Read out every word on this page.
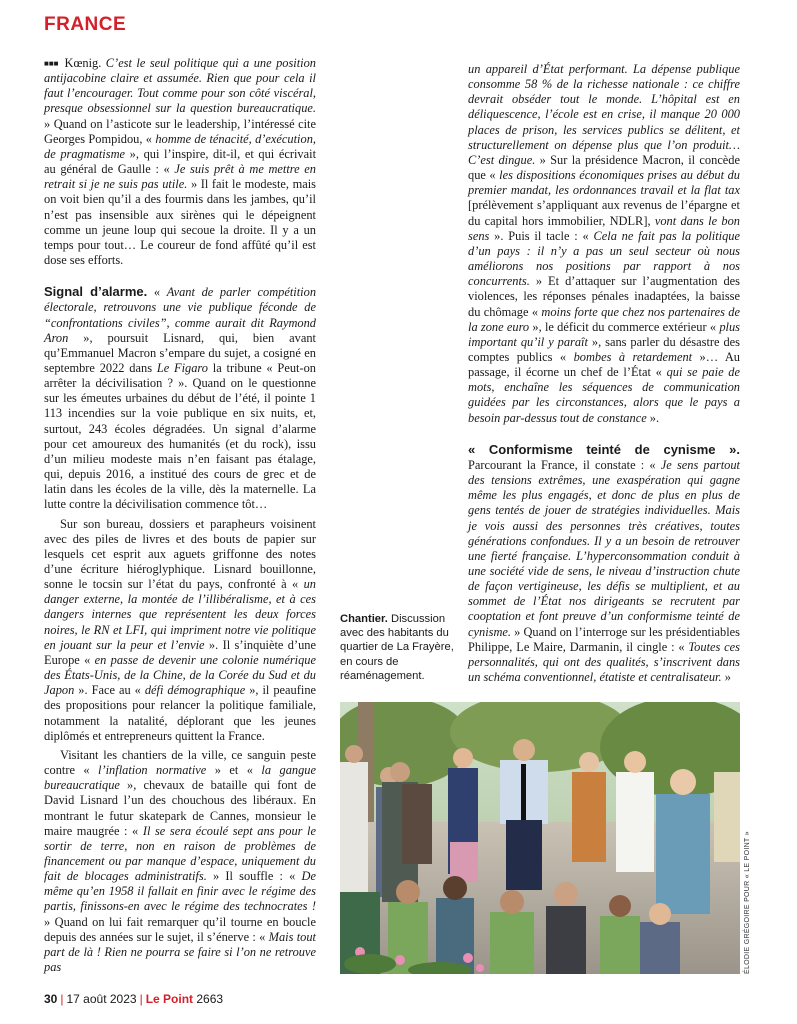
FRANCE

■■■ Kœnig. C’est le seul politique qui a une position antijacobine claire et assumée. Rien que pour cela il faut l’encourager. Tout comme pour son côté viscéral, presque obsessionnel sur la question bureaucratique. » Quand on l’asticote sur le leadership, l’intéressé cite Georges Pompidou, « homme de ténacité, d’exécution, de pragmatisme », qui l’inspire, dit-il, et qui écrivait au général de Gaulle : « Je suis prêt à me mettre en retrait si je ne suis pas utile. » Il fait le modeste, mais on voit bien qu’il a des fourmis dans les jambes, qu’il n’est pas insensible aux sirènes qui le dépeignent comme un jeune loup qui secoue la droite. Il y a un temps pour tout… Le coureur de fond affûté qu’il est dose ses efforts.

Signal d’alarme. « Avant de parler compétition électorale, retrouvons une vie publique féconde de “confrontations civiles”, comme aurait dit Raymond Aron », poursuit Lisnard, qui, bien avant qu’Emmanuel Macron s’empare du sujet, a cosigné en septembre 2022 dans Le Figaro la tribune « Peut-on arrêter la décivilisation ? ». Quand on le questionne sur les émeutes urbaines du début de l’été, il pointe 1 113 incendies sur la voie publique en six nuits, et, surtout, 243 écoles dégradées. Un signal d’alarme pour cet amoureux des humanités (et du rock), issu d’un milieu modeste mais n’en faisant pas étalage, qui, depuis 2016, a institué des cours de grec et de latin dans les écoles de la ville, dès la maternelle. La lutte contre la décivilisation commence tôt…

Sur son bureau, dossiers et parapheurs voisinent avec des piles de livres et des bouts de papier sur lesquels cet esprit aux aguets griffonne des notes d’une écriture hiéroglyphique. Lisnard bouillonne, sonne le tocsin sur l’état du pays, confronté à « un danger externe, la montée de l’illibéralisme, et à ces dangers internes que représentent les deux forces noires, le RN et LFI, qui impriment notre vie politique en jouant sur la peur et l’envie ». Il s’inquiète d’une Europe « en passe de devenir une colonie numérique des États-Unis, de la Chine, de la Corée du Sud et du Japon ». Face au « défi démographique », il peaufine des propositions pour relancer la politique familiale, notamment la natalité, déplorant que les jeunes diplômés et entrepreneurs quittent la France.

Visitant les chantiers de la ville, ce sanguin peste contre « l’inflation normative » et « la gangue bureaucratique », chevaux de bataille qui font de David Lisnard l’un des chouchous des libéraux. En montrant le futur skatepark de Cannes, monsieur le maire maugrée : « Il se sera écoulé sept ans pour le sortir de terre, non en raison de problèmes de financement ou par manque d’espace, uniquement du fait de blocages administratifs. » Il souffle : « De même qu’en 1958 il fallait en finir avec le régime des partis, finissons-en avec le régime des technocrates ! » Quand on lui fait remarquer qu’il tourne en boucle depuis des années sur le sujet, il s’énerve : « Mais tout part de là ! Rien ne pourra se faire si l’on ne retrouve pas

un appareil d’État performant. La dépense publique consomme 58 % de la richesse nationale : ce chiffre devrait obséder tout le monde. L’hôpital est en déliquescence, l’école est en crise, il manque 20 000 places de prison, les services publics se délitent, et structurellement on dépense plus que l’on produit… C’est dingue. » Sur la présidence Macron, il concède que « les dispositions économiques prises au début du premier mandat, les ordonnances travail et la flat tax [prélèvement s’appliquant aux revenus de l’épargne et du capital hors immobilier, NDLR], vont dans le bon sens ». Puis il tacle : « Cela ne fait pas la politique d’un pays : il n’y a pas un seul secteur où nous améliorons nos positions par rapport à nos concurrents. » Et d’attaquer sur l’augmentation des violences, les réponses pénales inadaptées, la baisse du chômage « moins forte que chez nos partenaires de la zone euro », le déficit du commerce extérieur « plus important qu’il y paraît », sans parler du désastre des comptes publics « bombes à retardement »… Au passage, il écorne un chef de l’État « qui se paie de mots, enchaîne les séquences de communication guidées par les circonstances, alors que le pays a besoin par-dessus tout de constance ».

« Conformisme teinté de cynisme ». Parcourant la France, il constate : « Je sens partout des tensions extrêmes, une exaspération qui gagne même les plus engagés, et donc de plus en plus de gens tentés de jouer de stratégies individuelles. Mais je vois aussi des personnes très créatives, toutes générations confondues. Il y a un besoin de retrouver une fierté française. L’hyperconsommation conduit à une société vide de sens, le niveau d’instruction chute de façon vertigineuse, les défis se multiplient, et au sommet de l’État nos dirigeants se recrutent par cooptation et font preuve d’un conformisme teinté de cynisme. » Quand on l’interroge sur les présidentiables Philippe, Le Maire, Darmanin, il cingle : « Toutes ces personnalités, qui ont des qualités, s’inscrivent dans un schéma conventionnel, étatiste et centralisateur. »

Chantier. Discussion avec des habitants du quartier de La Frayère, en cours de réaménagement.
ÉLODIE GRÉGOIRE POUR « LE POINT »
30 | 17 août 2023 | Le Point 2663
